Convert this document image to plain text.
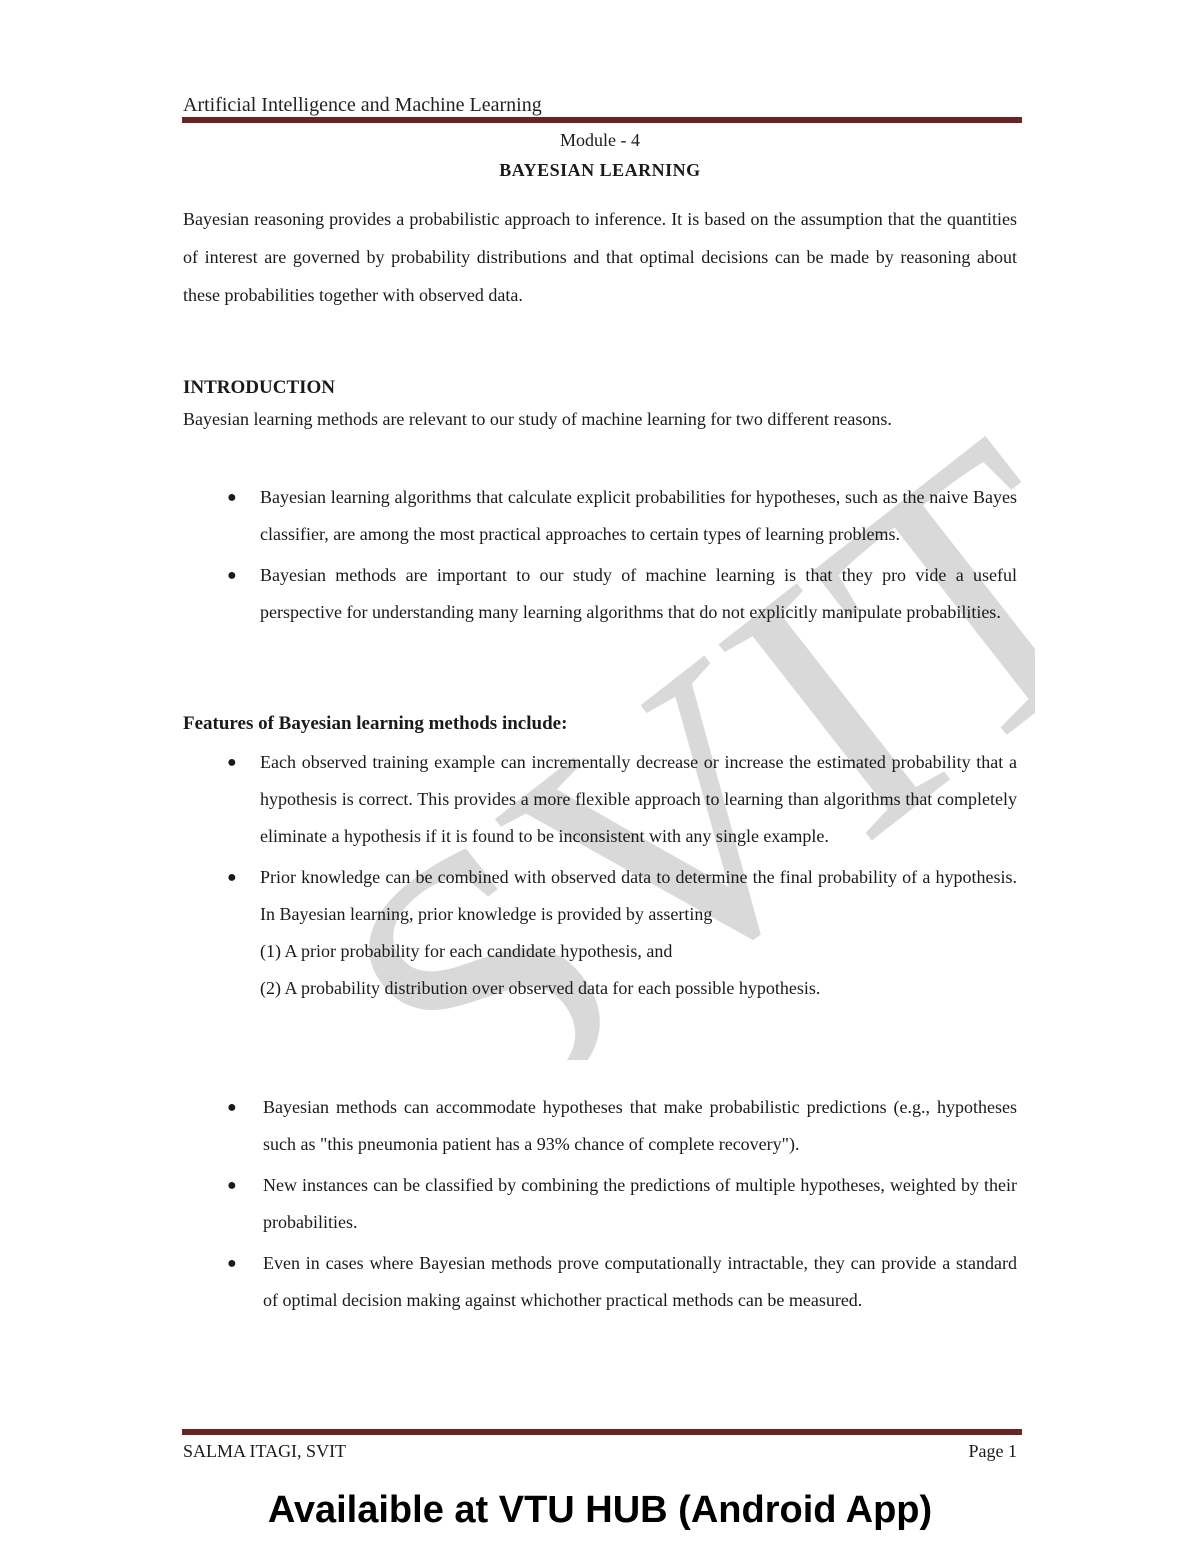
SVIT
Artificial Intelligence and Machine Learning
Module - 4
BAYESIAN LEARNING
Bayesian reasoning provides a probabilistic approach to inference. It is based on the assumption that the quantities of interest are governed by probability distributions and that optimal decisions can be made by reasoning about these probabilities together with observed data.
INTRODUCTION
Bayesian learning methods are relevant to our study of machine learning for two different reasons.
● Bayesian learning algorithms that calculate explicit probabilities for hypotheses, such as the naive Bayes classifier, are among the most practical approaches to certain types of learning problems.
● Bayesian methods are important to our study of machine learning is that they pro vide a useful perspective for understanding many learning algorithms that do not explicitly manipulate probabilities.
Features of Bayesian learning methods include:
● Each observed training example can incrementally decrease or increase the estimated probability that a hypothesis is correct. This provides a more flexible approach to learning than algorithms that completely eliminate a hypothesis if it is found to be inconsistent with any single example.
● Prior knowledge can be combined with observed data to determine the final probability of a hypothesis. In Bayesian learning, prior knowledge is provided by asserting
(1) A prior probability for each candidate hypothesis, and
(2) A probability distribution over observed data for each possible hypothesis.
● Bayesian methods can accommodate hypotheses that make probabilistic predictions (e.g., hypotheses such as "this pneumonia patient has a 93% chance of complete recovery").
● New instances can be classified by combining the predictions of multiple hypotheses, weighted by their probabilities.
● Even in cases where Bayesian methods prove computationally intractable, they can provide a standard of optimal decision making against whichother practical methods can be measured.
SALMA ITAGI, SVIT	Page 1
Availaible at VTU HUB (Android App)
